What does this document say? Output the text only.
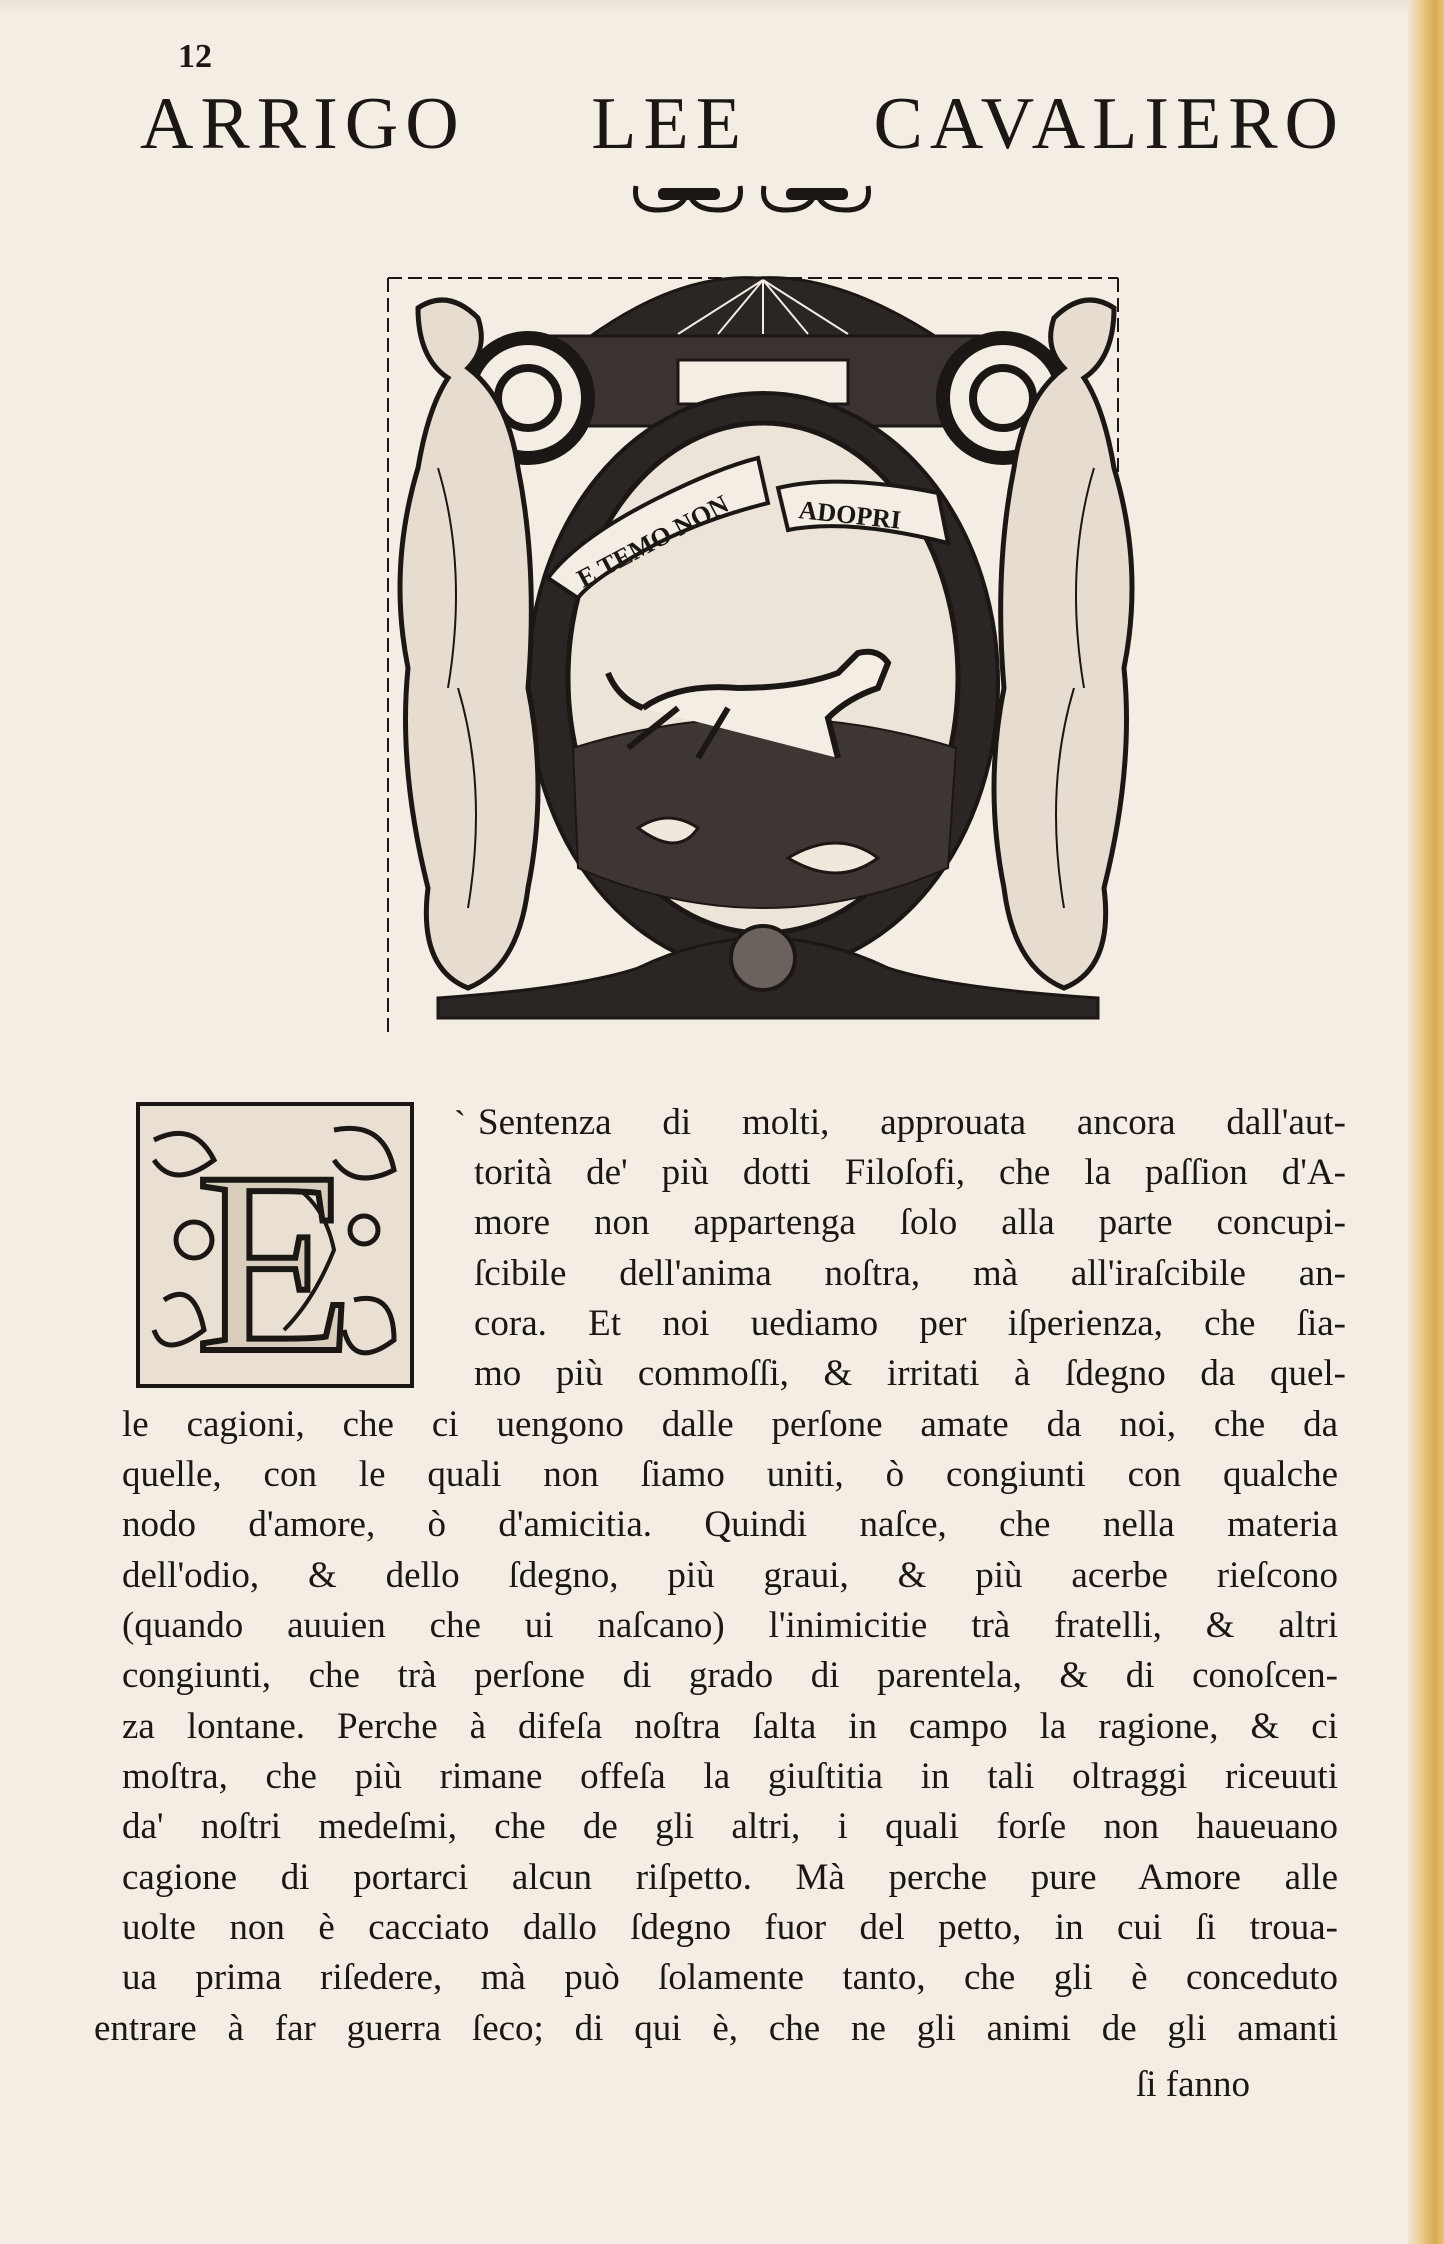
12
ARRIGO LEE CAVALIERO
E TEMO NON ADOPRI
E	` Sentenza di molti, approuata ancora dall'aut-
torità de' più dotti Filoſofi, che la paſſion d'A-
more non appartenga ſolo alla parte concupi-
ſcibile dell'anima noſtra, mà all'iraſcibile an-
cora. Et noi uediamo per iſperienza, che ſia-
mo più commoſſi, & irritati à ſdegno da quel-
le cagioni, che ci uengono dalle perſone amate da noi, che da
quelle, con le quali non ſiamo uniti, ò congiunti con qualche
nodo d'amore, ò d'amicitia. Quindi naſce, che nella materia
dell'odio, & dello ſdegno, più graui, & più acerbe rieſcono
(quando auuien che ui naſcano) l'inimicitie trà fratelli, & altri
congiunti, che trà perſone di grado di parentela, & di conoſcen-
za lontane. Perche à difeſa noſtra ſalta in campo la ragione, & ci
moſtra, che più rimane offeſa la giuſtitia in tali oltraggi riceuuti
da' noſtri medeſmi, che de gli altri, i quali forſe non haueuano
cagione di portarci alcun riſpetto. Mà perche pure Amore alle
uolte non è cacciato dallo ſdegno fuor del petto, in cui ſi troua-
ua prima riſedere, mà può ſolamente tanto, che gli è conceduto
entrare à far guerra ſeco; di qui è, che ne gli animi de gli amanti
ſi fanno
